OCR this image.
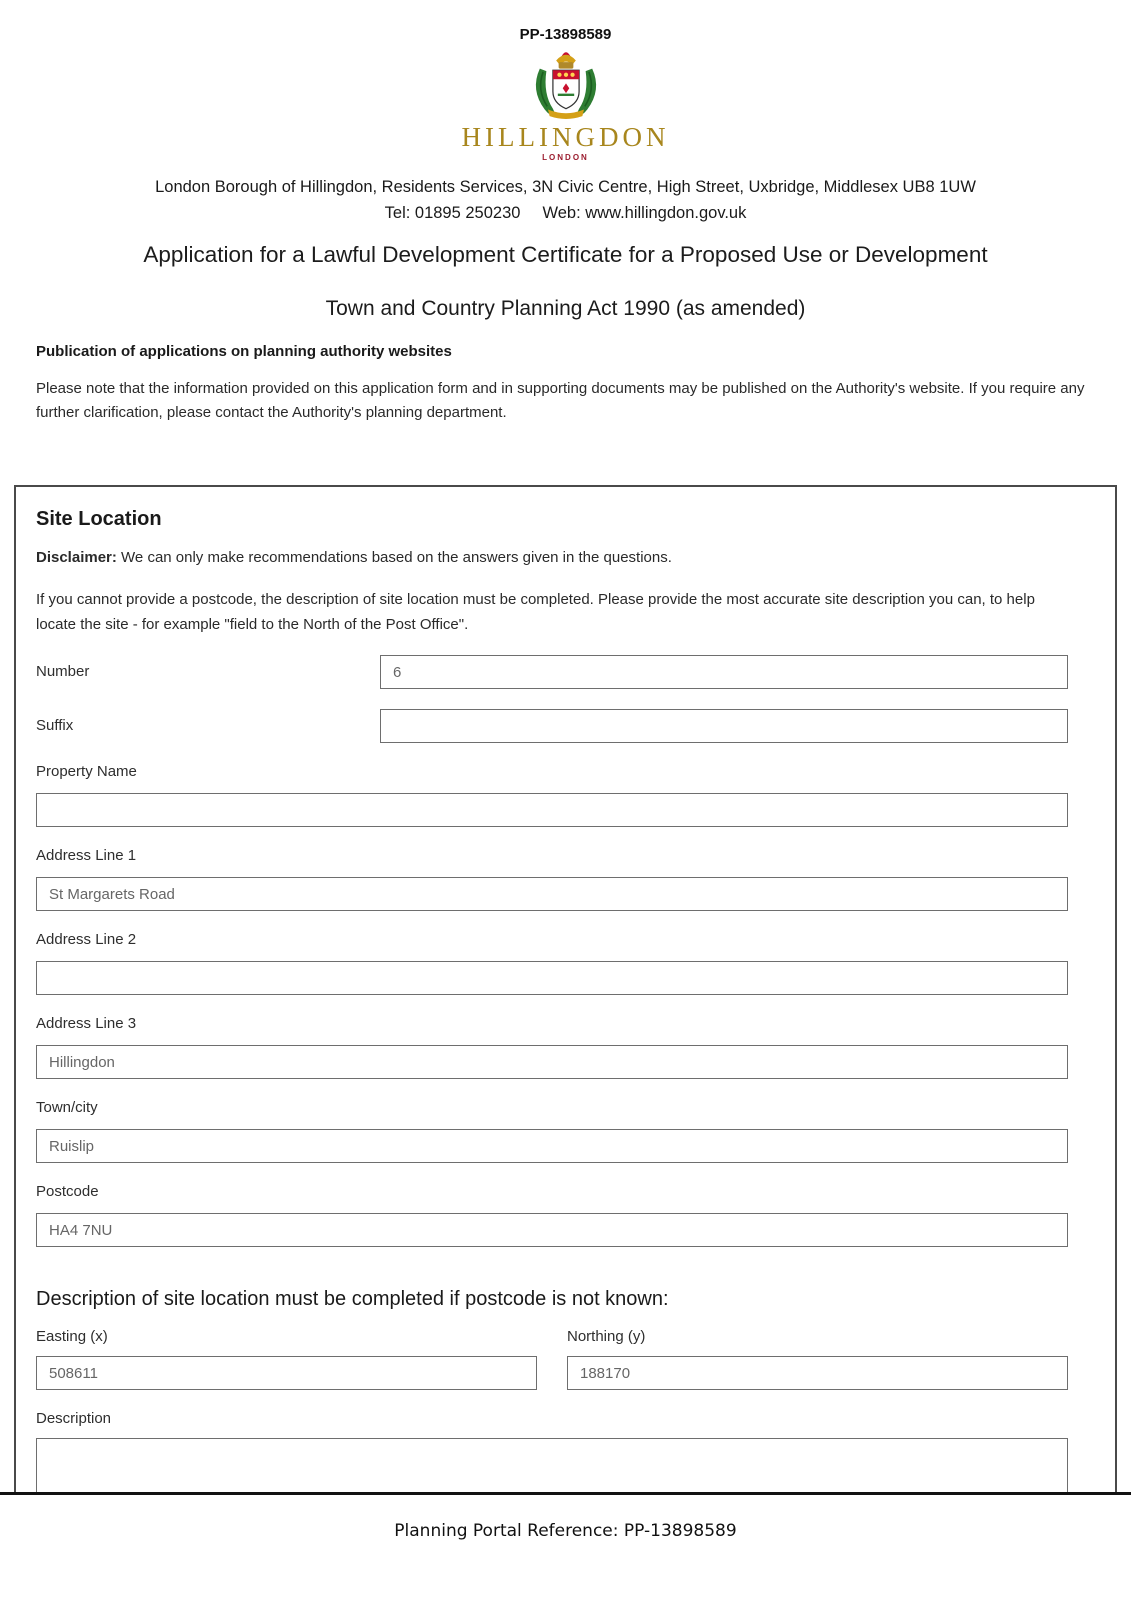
PP-13898589
HILLINGDON
LONDON
London Borough of Hillingdon, Residents Services, 3N Civic Centre, High Street, Uxbridge, Middlesex UB8 1UW
Tel: 01895 250230 Web: www.hillingdon.gov.uk
Application for a Lawful Development Certificate for a Proposed Use or Development
Town and Country Planning Act 1990 (as amended)
Publication of applications on planning authority websites
Please note that the information provided on this application form and in supporting documents may be published on the Authority's website. If you require any further clarification, please contact the Authority's planning department.
Site Location

Disclaimer: We can only make recommendations based on the answers given in the questions.

If you cannot provide a postcode, the description of site location must be completed. Please provide the most accurate site description you can, to help locate the site - for example "field to the North of the Post Office".

Number
6
Suffix
Property Name
Address Line 1
St Margarets Road
Address Line 2
Address Line 3
Hillingdon
Town/city
Ruislip
Postcode
HA4 7NU
Description of site location must be completed if postcode is not known:
Easting (x)
508611	Northing (y)
188170
Description
Planning Portal Reference: PP-13898589
